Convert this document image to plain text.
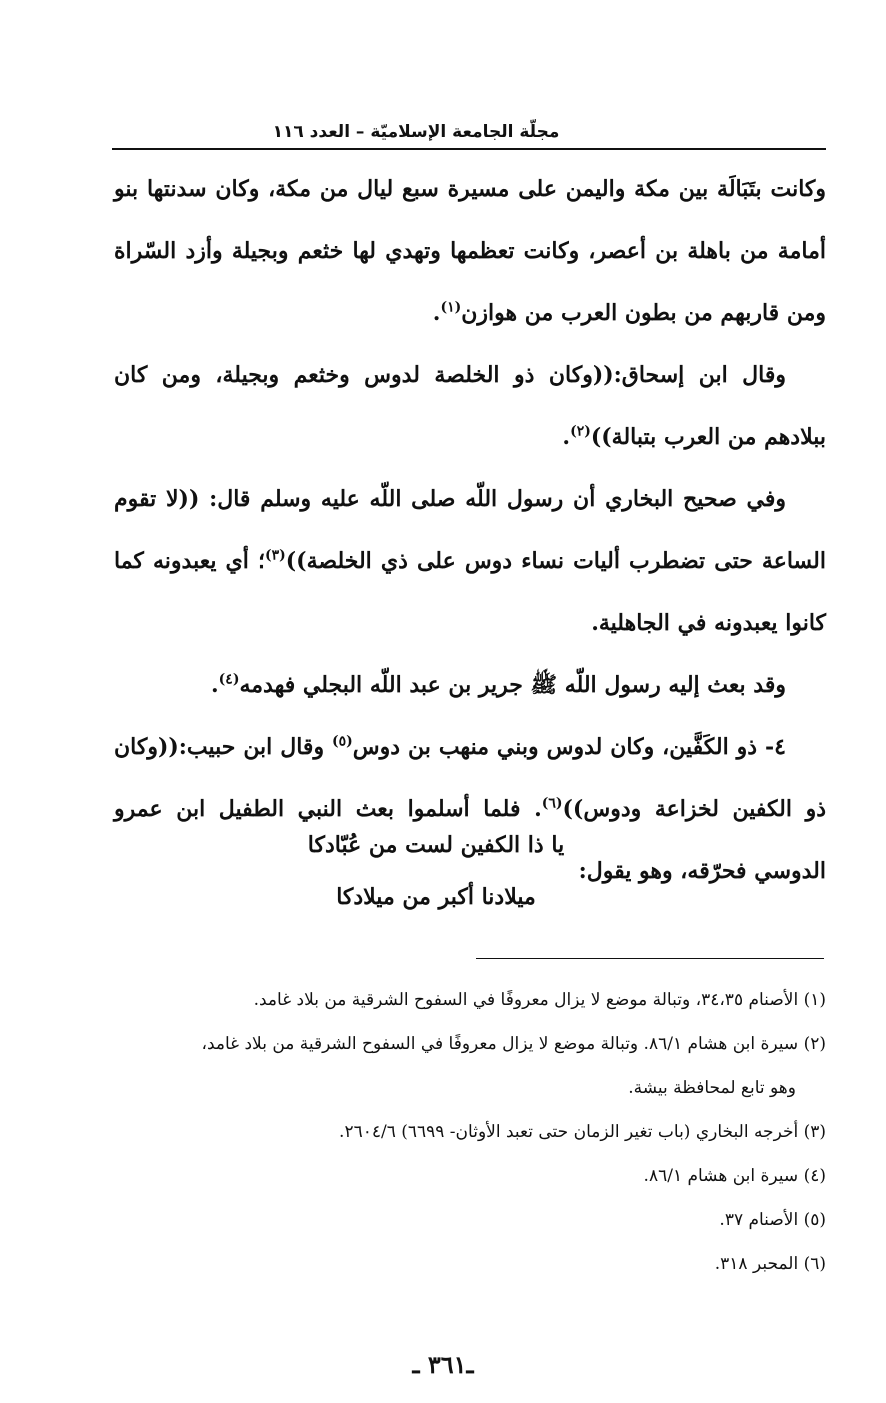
مجلّة الجامعة الإسلاميّة – العدد ١١٦

وكانت بتَبَالَة بين مكة واليمن على مسيرة سبع ليال من مكة، وكان سدنتها بنو أمامة من باهلة بن أعصر، وكانت تعظمها وتهدي لها خثعم وبجيلة وأزد السّراة ومن قاربهم من بطون العرب من هوازن$^{(١)}$.

وقال ابن إسحاق:((وكان ذو الخلصة لدوس وخثعم وبجيلة، ومن كان ببلادهم من العرب بتبالة))$^{(٢)}$.

وفي صحيح البخاري أن رسول اللّه صلى اللّه عليه وسلم قال: ((لا تقوم الساعة حتى تضطرب أليات نساء دوس على ذي الخلصة))$^{(٣)}$؛ أي يعبدونه كما كانوا يعبدونه في الجاهلية.

وقد بعث إليه رسول اللّه ﷺ جرير بن عبد اللّه البجلي فهدمه$^{(٤)}$.

٤- ذو الكَفَّين، وكان لدوس وبني منهب بن دوس$^{(٥)}$ وقال ابن حبيب:((وكان ذو الكفين لخزاعة ودوس))$^{(٦)}$. فلما أسلموا بعث النبي الطفيل ابن عمرو الدوسي فحرّقه، وهو يقول:

يا ذا الكفين لست من عُبّادكا
ميلادنا أكبر من ميلادكا

(١) الأصنام ٣٤،٣٥، وتبالة موضع لا يزال معروفًا في السفوح الشرقية من بلاد غامد.

(٢) سيرة ابن هشام ٨٦/١. وتبالة موضع لا يزال معروفًا في السفوح الشرقية من بلاد غامد،

وهو تابع لمحافظة بيشة.

(٣) أخرجه البخاري (باب تغير الزمان حتى تعبد الأوثان- ٦٦٩٩) ٢٦٠٤/٦.

(٤) سيرة ابن هشام ٨٦/١.

(٥) الأصنام ٣٧.

(٦) المحبر ٣١٨.

ـ٣٦١ ـ
